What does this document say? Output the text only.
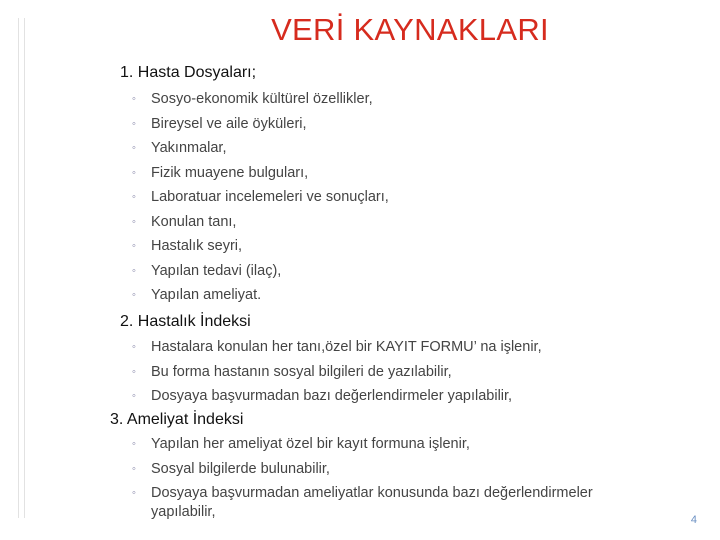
VERİ KAYNAKLARI
1. Hasta Dosyaları;
◦ Sosyo-ekonomik kültürel özellikler,
◦ Bireysel ve aile öyküleri,
◦ Yakınmalar,
◦ Fizik muayene bulguları,
◦ Laboratuar incelemeleri ve sonuçları,
◦ Konulan tanı,
◦ Hastalık seyri,
◦ Yapılan tedavi (ilaç),
◦ Yapılan ameliyat.
2. Hastalık İndeksi
◦ Hastalara konulan her tanı,özel bir KAYIT FORMU’ na işlenir,
◦ Bu forma hastanın sosyal bilgileri de yazılabilir,
◦ Dosyaya başvurmadan bazı değerlendirmeler yapılabilir,
3. Ameliyat İndeksi
◦ Yapılan her ameliyat özel bir kayıt formuna işlenir,
◦ Sosyal bilgilerde bulunabilir,
◦ Dosyaya başvurmadan ameliyatlar konusunda bazı değerlendirmeler yapılabilir,	4
